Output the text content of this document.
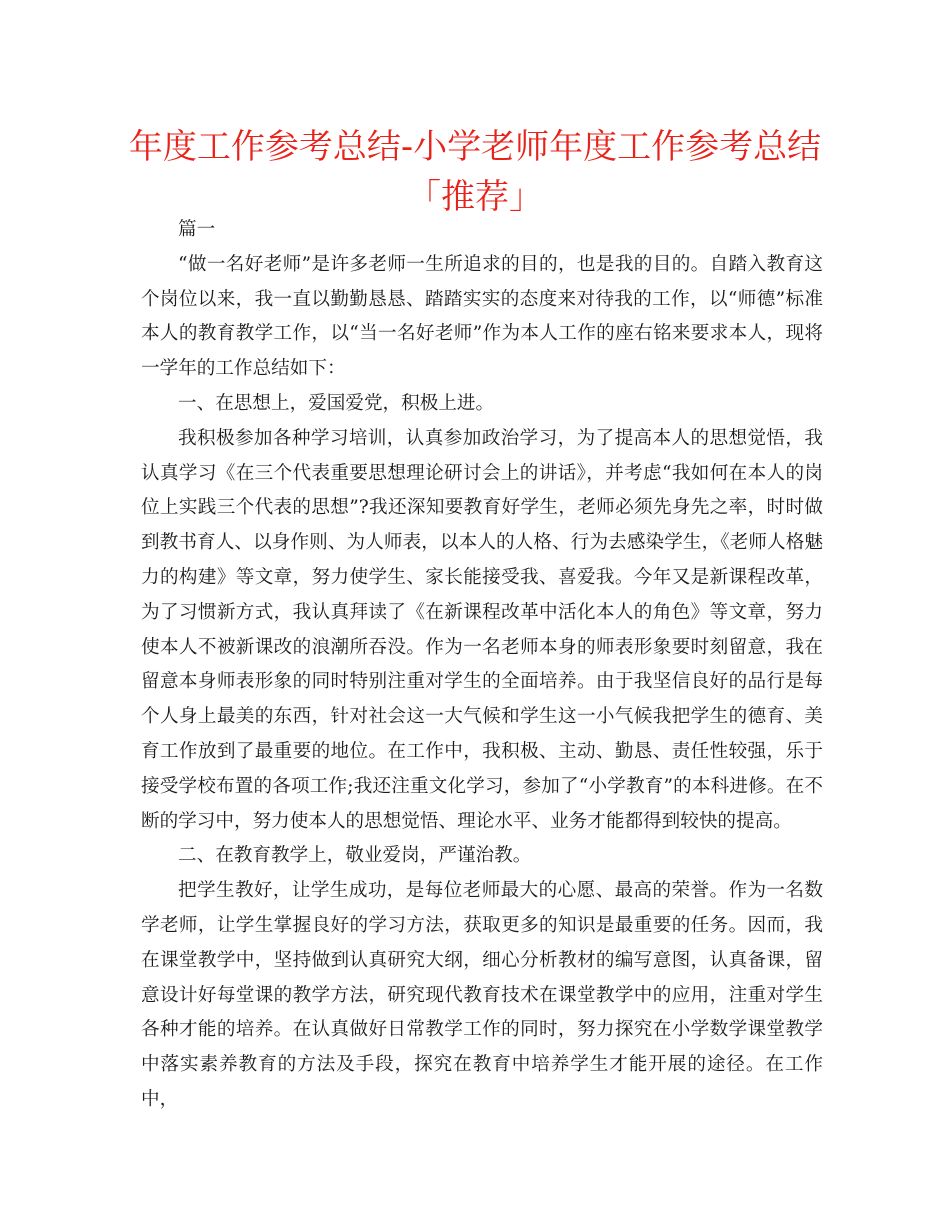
年度工作参考总结-小学老师年度工作参考总结
「推荐」

篇一

“做一名好老师”是许多老师一生所追求的目的，也是我的目的。自踏入教育这个岗位以来，我一直以勤勤恳恳、踏踏实实的态度来对待我的工作，以“师德”标准本人的教育教学工作，以“当一名好老师”作为本人工作的座右铭来要求本人，现将一学年的工作总结如下：

一、在思想上，爱国爱党，积极上进。

我积极参加各种学习培训，认真参加政治学习，为了提高本人的思想觉悟，我认真学习《在三个代表重要思想理论研讨会上的讲话》，并考虑“我如何在本人的岗位上实践三个代表的思想”?我还深知要教育好学生，老师必须先身先之率，时时做到教书育人、以身作则、为人师表，以本人的人格、行为去感染学生，《老师人格魅力的构建》等文章，努力使学生、家长能接受我、喜爱我。今年又是新课程改革，为了习惯新方式，我认真拜读了《在新课程改革中活化本人的角色》等文章，努力使本人不被新课改的浪潮所吞没。作为一名老师本身的师表形象要时刻留意，我在留意本身师表形象的同时特别注重对学生的全面培养。由于我坚信良好的品行是每个人身上最美的东西，针对社会这一大气候和学生这一小气候我把学生的德育、美育工作放到了最重要的地位。在工作中，我积极、主动、勤恳、责任性较强，乐于接受学校布置的各项工作;我还注重文化学习，参加了“小学教育”的本科进修。在不断的学习中，努力使本人的思想觉悟、理论水平、业务才能都得到较快的提高。

二、在教育教学上，敬业爱岗，严谨治教。

把学生教好，让学生成功，是每位老师最大的心愿、最高的荣誉。作为一名数学老师，让学生掌握良好的学习方法，获取更多的知识是最重要的任务。因而，我在课堂教学中，坚持做到认真研究大纲，细心分析教材的编写意图，认真备课，留意设计好每堂课的教学方法，研究现代教育技术在课堂教学中的应用，注重对学生各种才能的培养。在认真做好日常教学工作的同时，努力探究在小学数学课堂教学中落实素养教育的方法及手段，探究在教育中培养学生才能开展的途径。在工作中，
